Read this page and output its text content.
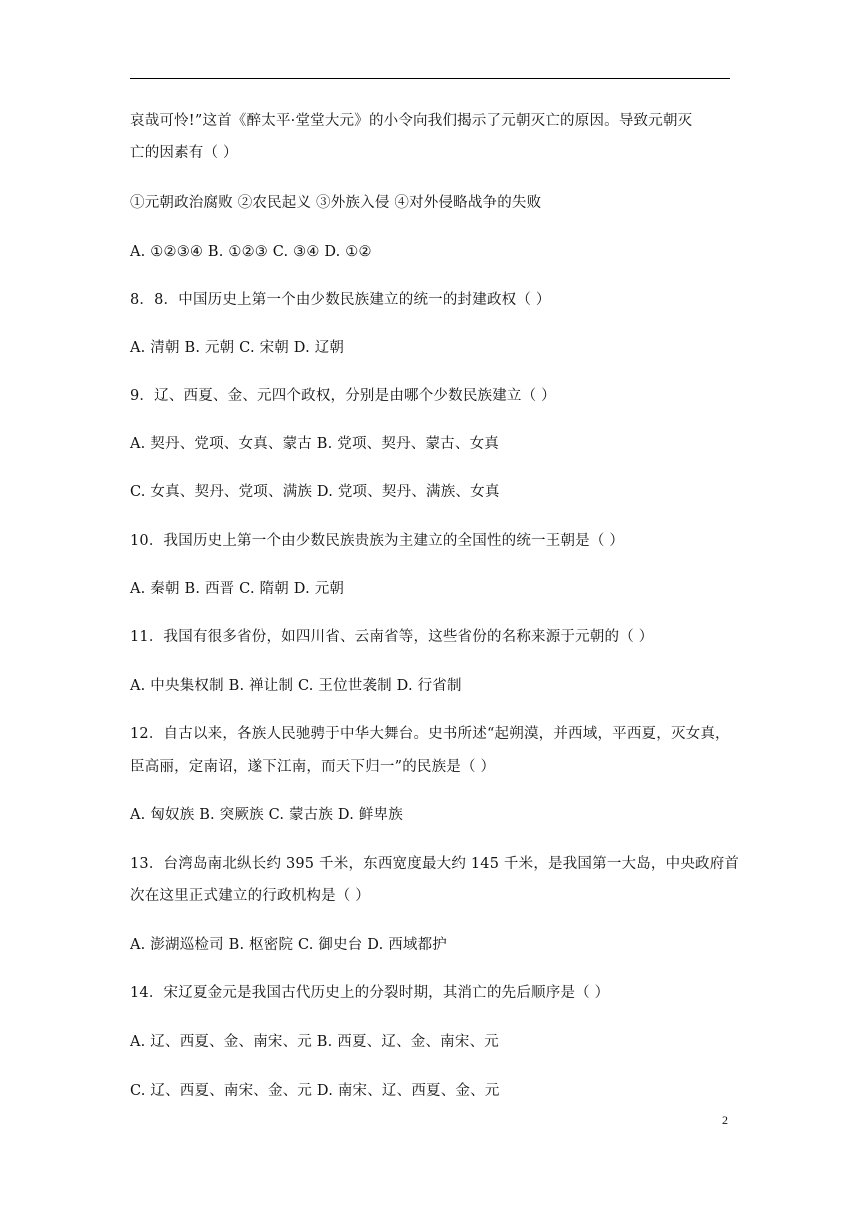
哀哉可怜!”这首《醉太平·堂堂大元》的小令向我们揭示了元朝灭亡的原因。导致元朝灭
亡的因素有（ ）
①元朝政治腐败 ②农民起义 ③外族入侵 ④对外侵略战争的失败
A. ①②③④ B. ①②③ C. ③④ D. ①②
8．8．中国历史上第一个由少数民族建立的统一的封建政权（ ）
A. 清朝 B. 元朝 C. 宋朝 D. 辽朝
9．辽、西夏、金、元四个政权，分别是由哪个少数民族建立（ ）
A. 契丹、党项、女真、蒙古 B. 党项、契丹、蒙古、女真
C. 女真、契丹、党项、满族 D. 党项、契丹、满族、女真
10．我国历史上第一个由少数民族贵族为主建立的全国性的统一王朝是（ ）
A. 秦朝 B. 西晋 C. 隋朝 D. 元朝
11．我国有很多省份，如四川省、云南省等，这些省份的名称来源于元朝的（ ）
A. 中央集权制 B. 禅让制 C. 王位世袭制 D. 行省制
12．自古以来，各族人民驰骋于中华大舞台。史书所述“起朔漠，并西域，平西夏，灭女真，
臣高丽，定南诏，遂下江南，而天下归一”的民族是（ ）
A. 匈奴族 B. 突厥族 C. 蒙古族 D. 鲜卑族
13．台湾岛南北纵长约 395 千米，东西宽度最大约 145 千米，是我国第一大岛，中央政府首
次在这里正式建立的行政机构是（ ）
A. 澎湖巡检司 B. 枢密院 C. 御史台 D. 西域都护
14．宋辽夏金元是我国古代历史上的分裂时期，其消亡的先后顺序是（ ）
A. 辽、西夏、金、南宋、元 B. 西夏、辽、金、南宋、元
C. 辽、西夏、南宋、金、元 D. 南宋、辽、西夏、金、元
2
